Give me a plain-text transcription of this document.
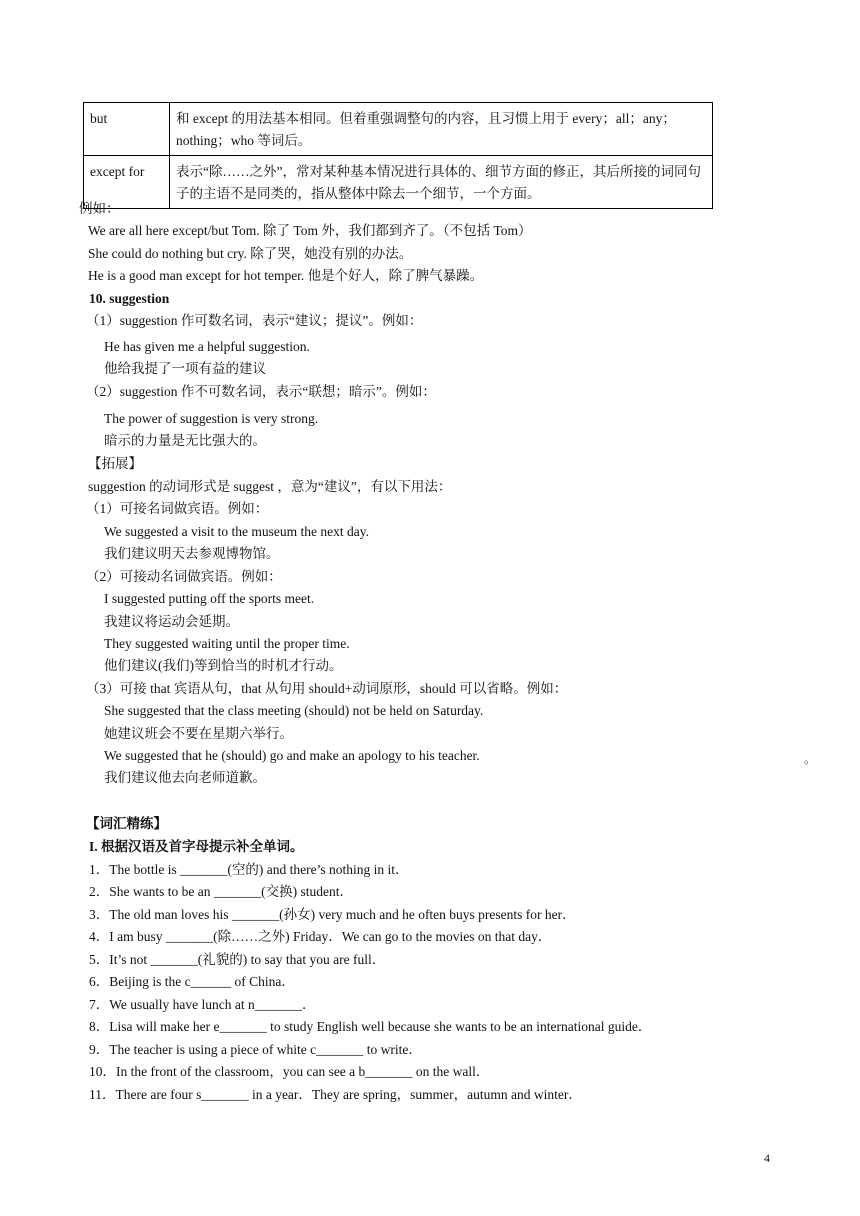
but	和 except 的用法基本相同。但着重强调整句的内容，且习惯上用于 every；all；any；nothing；who 等词后。
except for	表示“除……之外”，常对某种基本情况进行具体的、细节方面的修正，其后所接的词同句子的主语不是同类的，指从整体中除去一个细节，一个方面。
例如：
We are all here except/but Tom. 除了 Tom 外，我们都到齐了。（不包括 Tom）
She could do nothing but cry. 除了哭，她没有别的办法。
He is a good man except for hot temper. 他是个好人，除了脾气暴躁。
10. suggestion
（1）suggestion 作可数名词，表示“建议；提议”。例如：
He has given me a helpful suggestion.
他给我提了一项有益的建议
（2）suggestion 作不可数名词，表示“联想；暗示”。例如：
The power of suggestion is very strong.
暗示的力量是无比强大的。
【拓展】
suggestion 的动词形式是 suggest ，意为“建议”，有以下用法：
（1）可接名词做宾语。例如：
We suggested a visit to the museum the next day.
我们建议明天去参观博物馆。
（2）可接动名词做宾语。例如：
I suggested putting off the sports meet.
我建议将运动会延期。
They suggested waiting until the proper time.
他们建议(我们)等到恰当的时机才行动。
（3）可接 that 宾语从句，that 从句用 should+动词原形，should 可以省略。例如：
She suggested that the class meeting (should) not be held on Saturday.
她建议班会不要在星期六举行。
We suggested that he (should) go and make an apology to his teacher.
我们建议他去向老师道歉。
。
【词汇精练】
I. 根据汉语及首字母提示补全单词。
1．The bottle is _______(空的) and there’s nothing in it．
2．She wants to be an _______(交换) student．
3．The old man loves his _______(孙女) very much and he often buys presents for her．
4．I am busy _______(除……之外) Friday．We can go to the movies on that day．
5．It’s not _______(礼貌的) to say that you are full．
6．Beijing is the c______ of China．
7．We usually have lunch at n_______．
8．Lisa will make her e_______ to study English well because she wants to be an international guide．
9．The teacher is using a piece of white c_______ to write．
10．In the front of the classroom，you can see a b_______ on the wall．
11．There are four s_______ in a year．They are spring，summer，autumn and winter．
4
